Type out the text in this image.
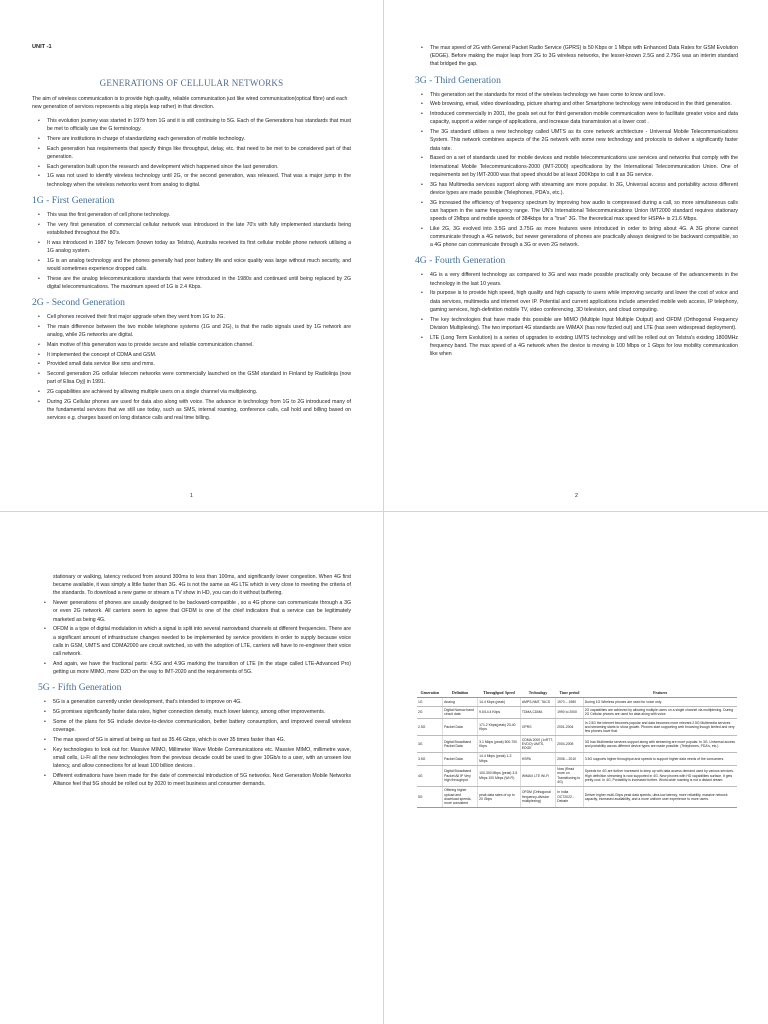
UNIT -1
GENERATIONS OF CELLULAR NETWORKS

The aim of wireless communication is to provide high quality, reliable communication just like wired communication(optical fibre) and each new generation of services represents a big step(a leap rather) in that direction.

• This evolution journey was started in 1979 from 1G and it is still continuing to 5G. Each of the Generations has standards that must be met to officially use the G terminology.
• There are institutions in charge of standardizing each generation of mobile technology.
• Each generation has requirements that specify things like throughput, delay, etc. that need to be met to be considered part of that generation.
• Each generation built upon the research and development which happened since the last generation.
• 1G was not used to identify wireless technology until 2G, or the second generation, was released. That was a major jump in the technology when the wireless networks went from analog to digital.
1G - First Generation
• This was the first generation of cell phone technology.
• The very first generation of commercial cellular network was introduced in the late 70's with fully implemented standards being established throughout the 80's.
• It was introduced in 1987 by Telecom (known today as Telstra), Australia received its first cellular mobile phone network utilising a 1G analog system.
• 1G is an analog technology and the phones generally had poor battery life and voice quality was large without much security, and would sometimes experience dropped calls.
• These are the analog telecommunications standards that were introduced in the 1980s and continued until being replaced by 2G digital telecommunications. The maximum speed of 1G is 2.4 Kbps.
2G - Second Generation
• Cell phones received their first major upgrade when they went from 1G to 2G.
• The main difference between the two mobile telephone systems (1G and 2G), is that the radio signals used by 1G network are analog, while 2G networks are digital.
• Main motive of this generation was to provide secure and reliable communication channel.
• It implemented the concept of CDMA and GSM.
• Provided small data service like sms and mms.
• Second generation 2G cellular telecom networks were commercially launched on the GSM standard in Finland by Radiolinja (now part of Elisa Oyj) in 1991.
• 2G capabilities are achieved by allowing multiple users on a single channel via multiplexing.
• During 2G Cellular phones are used for data also along with voice. The advance in technology from 1G to 2G introduced many of the fundamental services that we still use today, such as SMS, internal roaming, conference calls, call hold and billing based on services e.g. charges based on long distance calls and real time billing.
1
• The max speed of 2G with General Packet Radio Service (GPRS) is 50 Kbps or 1 Mbps with Enhanced Data Rates for GSM Evolution (EDGE). Before making the major leap from 2G to 3G wireless networks, the lesser-known 2.5G and 2.75G was an interim standard that bridged the gap.
3G - Third Generation
• This generation set the standards for most of the wireless technology we have come to know and love.
• Web browsing, email, video downloading, picture sharing and other Smartphone technology were introduced in the third generation.
• Introduced commercially in 2001, the goals set out for third generation mobile communication were to facilitate greater voice and data capacity, support a wider range of applications, and increase data transmission at a lower cost .
• The 3G standard utilises a new technology called UMTS as its core network architecture - Universal Mobile Telecommunications System. This network combines aspects of the 2G network with some new technology and protocols to deliver a significantly faster data rate.
• Based on a set of standards used for mobile devices and mobile telecommunications use services and networks that comply with the International Mobile Telecommunications-2000 (IMT-2000) specifications by the International Telecommunication Union. One of requirements set by IMT-2000 was that speed should be at least 200Kbps to call it as 3G service.
• 3G has Multimedia services support along with streaming are more popular. In 3G, Universal access and portability across different device types are made possible (Telephones, PDA's, etc.).
• 3G increased the efficiency of frequency spectrum by improving how audio is compressed during a call, so more simultaneous calls can happen in the same frequency range. The UN's International Telecommunications Union IMT2000 standard requires stationary speeds of 2Mbps and mobile speeds of 384kbps for a "true" 3G. The theoretical max speed for HSPA+ is 21.6 Mbps.
• Like 2G, 3G evolved into 3.5G and 3.75G as more features were introduced in order to bring about 4G. A 3G phone cannot communicate through a 4G network, but newer generations of phones are practically always designed to be backward compatible, so a 4G phone can communicate through a 3G or even 2G network.
4G - Fourth Generation
• 4G is a very different technology as compared to 3G and was made possible practically only because of the advancements in the technology in the last 10 years.
• Its purpose is to provide high speed, high quality and high capacity to users while improving security and lower the cost of voice and data services, multimedia and internet over IP. Potential and current applications include amended mobile web access, IP telephony, gaming services, high-definition mobile TV, video conferencing, 3D television, and cloud computing.
• The key technologies that have made this possible are MIMO (Multiple Input Multiple Output) and OFDM (Orthogonal Frequency Division Multiplexing). The two important 4G standards are WiMAX (has now fizzled out) and LTE (has seen widespread deployment).
• LTE (Long Term Evolution) is a series of upgrades to existing UMTS technology and will be rolled out on Telstra's existing 1800MHz frequency band. The max speed of a 4G network when the device is moving is 100 Mbps or 1 Gbps for low mobility communication like when
2

stationary or walking, latency reduced from around 300ms to less than 100ms, and significantly lower congestion. When 4G first became available, it was simply a little faster than 3G. 4G is not the same as 4G LTE which is very close to meeting the criteria of the standards. To download a new game or stream a TV show in HD, you can do it without buffering.

• Newer generations of phones are usually designed to be backward-compatible , so a 4G phone can communicate through a 3G or even 2G network. All carriers seem to agree that OFDM is one of the chief indicators that a service can be legitimately marketed as being 4G.
• OFDM is a type of digital modulation in which a signal is split into several narrowband channels at different frequencies. There are a significant amount of infrastructure changes needed to be implemented by service providers in order to supply because voice calls in GSM, UMTS and CDMA2000 are circuit switched, so with the adoption of LTE, carriers will have to re-engineer their voice call network.
• And again, we have the fractional parts: 4.5G and 4.9G marking the transition of LTE (in the stage called LTE-Advanced Pro) getting us more MIMO, more D2D on the way to IMT-2020 and the requirements of 5G.
5G - Fifth Generation
• 5G is a generation currently under development, that's intended to improve on 4G.
• 5G promises significantly faster data rates, higher connection density, much lower latency, among other improvements.
• Some of the plans for 5G include device-to-device communication, better battery consumption, and improved overall wireless coverage.
• The max speed of 5G is aimed at being as fast as 35.46 Gbps, which is over 35 times faster than 4G.
• Key technologies to look out for: Massive MIMO, Millimeter Wave Mobile Communications etc. Massive MIMO, millimetre wave, small cells, Li-Fi all the new technologies from the previous decade could be used to give 10Gb/s to a user, with an unseen low latency, and allow connections for at least 100 billion devices .
• Different estimations have been made for the date of commercial introduction of 5G networks. Next Generation Mobile Networks Alliance feel that 5G should be rolled out by 2020 to meet business and consumer demands.
Generation	Definition	Throughput/ Speed	Technology	Time period	Features
1G	Analog	14.4 Kbps (peak)	AMPS,NMT, TACS	1970 – 1980	During 1G Wireless phones are used for voice only.
2G	Digital Narrow band circuit data	9.6/14.4 Kbps	TDMA,CDMA	1990 to 2000	2G capabilities are achieved by allowing multiple users on a single channel via multiplexing. During 2G Cellular phones are used for data along with voice.
2.5G	Packet Data	171.2 Kbps(peak) 20-40 Kbps	GPRS	2001-2004	In 2.5G the internet becomes popular and data becomes more relevant.2.5G Multimedia services and streaming starts to show growth. Phones start supporting web browsing though limited and very few phones have that.
3G	Digital Broadband Packet Data	3.1 Mbps (peak) 500-700 Kbps	CDMA 2000 (1xRTT, EVDO) UMTS, EDGE	2004-2005	3G has Multimedia services support along with streaming are more popular. In 3G, Universal access and portability across different device types are made possible. (Telephones, PDA's, etc.)
3.5G	Packet Data	14.4 Mbps (peak) 1-3 Mbps	HSPA	2006 – 2010	3.5G supports higher throughput and speeds to support higher data needs of the consumers.
4G	Digital Broadband Packet All IP Very high throughput	100-300 Mbps (peak) 3-5 Mbps 100 Mbps (Wi-Fi)	WiMAX LTE Wi-Fi	Now (Read more on Transitioning to 4G)	Speeds for 4G are further increased to keep up with data access demand used by various services. High definition streaming is now supported in 4G. New phones with HD capabilities surface. It gets pretty cool. In 4G, Portability is increased further. World-wide roaming is not a distant dream.
5G	Offering higher upload and download speeds, more consistent	peak data rates of up to 20 Gbps	OFDM (Orthogonal frequency-division multiplexing)	In India OCT2022 - Debate	Deliver higher multi-Gbps peak data speeds, ultra-low latency, more reliability, massive network capacity, increased availability, and a more uniform user experience to more users.
